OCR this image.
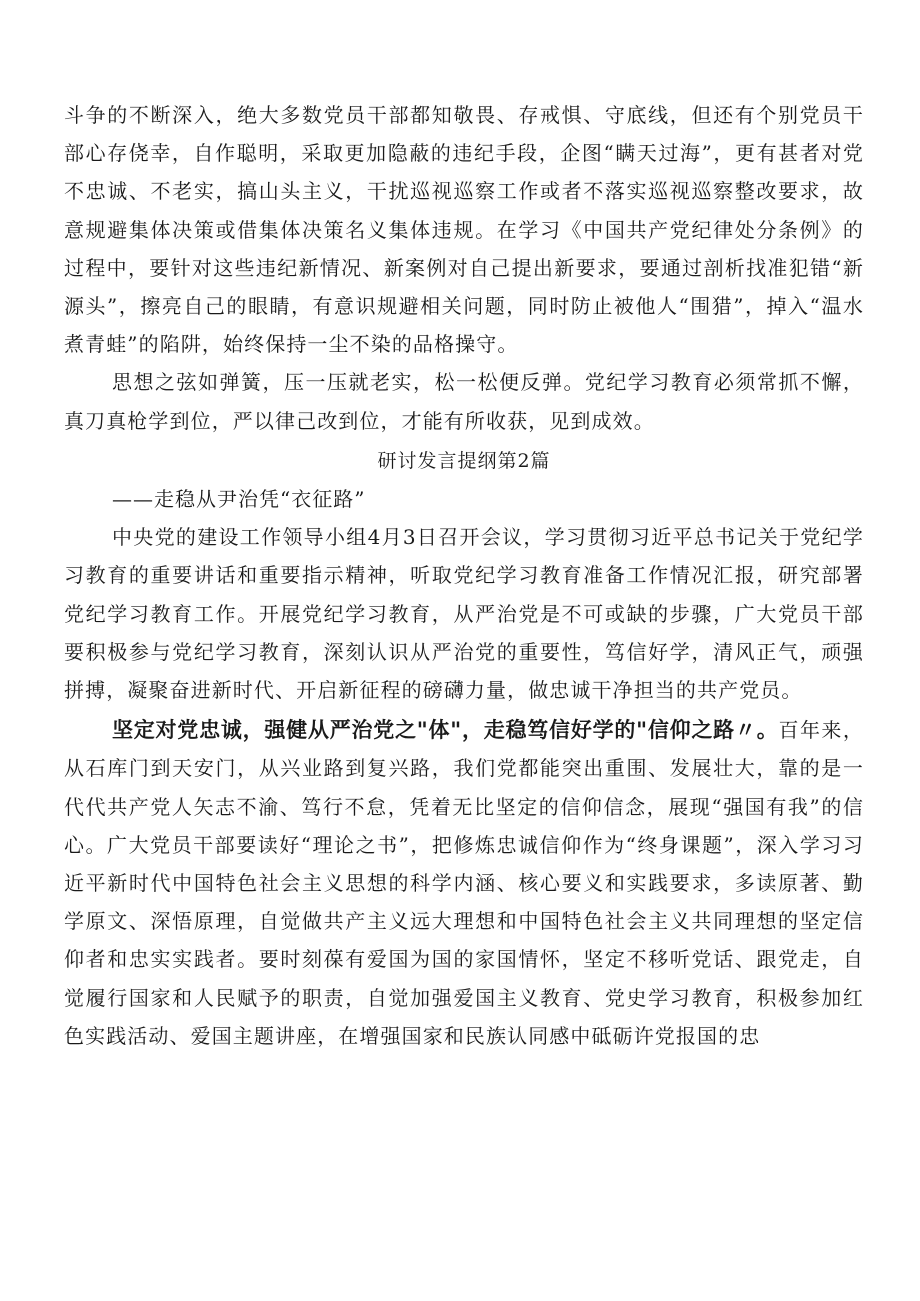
斗争的不断深入，绝大多数党员干部都知敬畏、存戒惧、守底线，但还有个别党员干部心存侥幸，自作聪明，采取更加隐蔽的违纪手段，企图“瞒天过海”，更有甚者对党不忠诚、不老实，搞山头主义，干扰巡视巡察工作或者不落实巡视巡察整改要求，故意规避集体决策或借集体决策名义集体违规。在学习《中国共产党纪律处分条例》的过程中，要针对这些违纪新情况、新案例对自己提出新要求，要通过剖析找准犯错“新源头”，擦亮自己的眼睛，有意识规避相关问题，同时防止被他人“围猎”，掉入“温水煮青蛙”的陷阱，始终保持一尘不染的品格操守。

思想之弦如弹簧，压一压就老实，松一松便反弹。党纪学习教育必须常抓不懈，真刀真枪学到位，严以律己改到位，才能有所收获，见到成效。

研讨发言提纲第2篇

——走稳从尹治凭“衣征路”

中央党的建设工作领导小组4月3日召开会议，学习贯彻习近平总书记关于党纪学习教育的重要讲话和重要指示精神，听取党纪学习教育准备工作情况汇报，研究部署党纪学习教育工作。开展党纪学习教育，从严治党是不可或缺的步骤，广大党员干部要积极参与党纪学习教育，深刻认识从严治党的重要性，笃信好学，清风正气，顽强拼搏，凝聚奋进新时代、开启新征程的磅礴力量，做忠诚干净担当的共产党员。

坚定对党忠诚，强健从严治党之"体"，走稳笃信好学的"信仰之路〃。百年来，从石库门到天安门，从兴业路到复兴路，我们党都能突出重围、发展壮大，靠的是一代代共产党人矢志不渝、笃行不怠，凭着无比坚定的信仰信念，展现“强国有我”的信心。广大党员干部要读好“理论之书”，把修炼忠诚信仰作为“终身课题”，深入学习习近平新时代中国特色社会主义思想的科学内涵、核心要义和实践要求，多读原著、勤学原文、深悟原理，自觉做共产主义远大理想和中国特色社会主义共同理想的坚定信仰者和忠实实践者。要时刻葆有爱国为国的家国情怀，坚定不移听党话、跟党走，自觉履行国家和人民赋予的职责，自觉加强爱国主义教育、党史学习教育，积极参加红色实践活动、爱国主题讲座，在增强国家和民族认同感中砥砺许党报国的忠
